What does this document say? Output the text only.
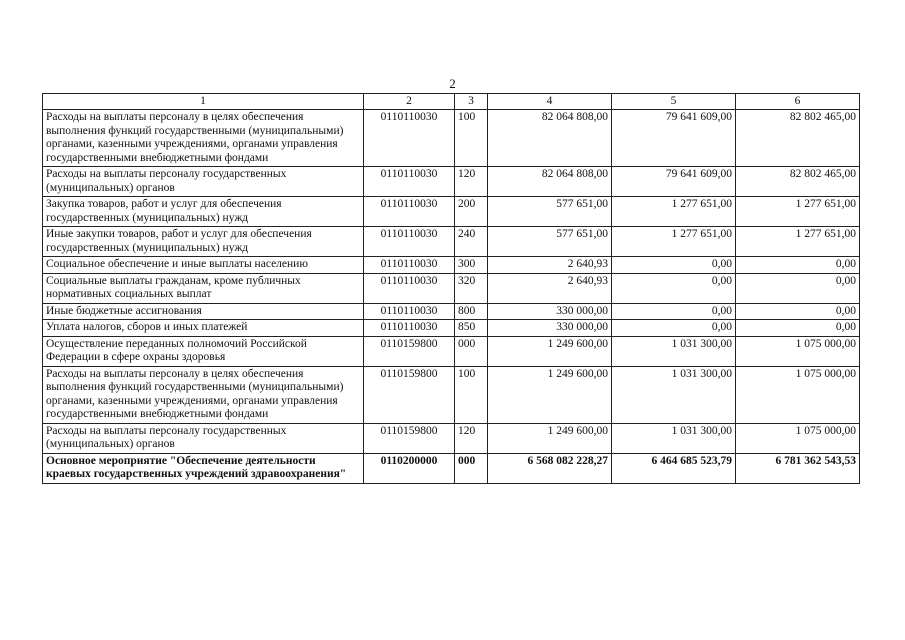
2
1	2	3	4	5	6
Расходы на выплаты персоналу в целях обеспечения выполнения функций государственными (муниципальными) органами, казенными учреждениями, органами управления государственными внебюджетными фондами	0110110030	100	82 064 808,00	79 641 609,00	82 802 465,00
Расходы на выплаты персоналу государственных (муниципальных) органов	0110110030	120	82 064 808,00	79 641 609,00	82 802 465,00
Закупка товаров, работ и услуг для обеспечения государственных (муниципальных) нужд	0110110030	200	577 651,00	1 277 651,00	1 277 651,00
Иные закупки товаров, работ и услуг для обеспечения государственных (муниципальных) нужд	0110110030	240	577 651,00	1 277 651,00	1 277 651,00
Социальное обеспечение и иные выплаты населению	0110110030	300	2 640,93	0,00	0,00
Социальные выплаты гражданам, кроме публичных нормативных социальных выплат	0110110030	320	2 640,93	0,00	0,00
Иные бюджетные ассигнования	0110110030	800	330 000,00	0,00	0,00
Уплата налогов, сборов и иных платежей	0110110030	850	330 000,00	0,00	0,00
Осуществление переданных полномочий Российской Федерации в сфере охраны здоровья	0110159800	000	1 249 600,00	1 031 300,00	1 075 000,00
Расходы на выплаты персоналу в целях обеспечения выполнения функций государственными (муниципальными) органами, казенными учреждениями, органами управления государственными внебюджетными фондами	0110159800	100	1 249 600,00	1 031 300,00	1 075 000,00
Расходы на выплаты персоналу государственных (муниципальных) органов	0110159800	120	1 249 600,00	1 031 300,00	1 075 000,00
Основное мероприятие "Обеспечение деятельности краевых государственных учреждений здравоохранения"	0110200000	000	6 568 082 228,27	6 464 685 523,79	6 781 362 543,53
